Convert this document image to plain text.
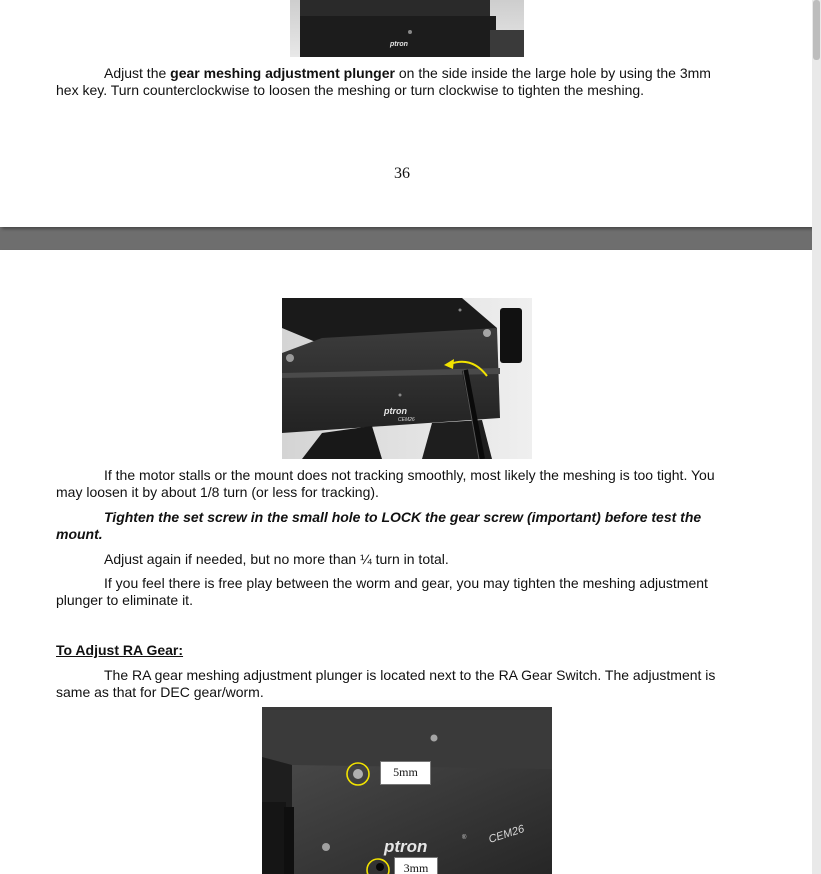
ptron

Adjust the gear meshing adjustment plunger on the side inside the large hole by using the 3mm
hex key. Turn counterclockwise to loosen the meshing or turn clockwise to tighten the meshing.

36
ptron
CEM26

If the motor stalls or the mount does not tracking smoothly, most likely the meshing is too tight. You
may loosen it by about 1/8 turn (or less for tracking).

Tighten the set screw in the small hole to LOCK the gear screw (important) before test the
mount.

Adjust again if needed, but no more than ¼ turn in total.

If you feel there is free play between the worm and gear, you may tighten the meshing adjustment
plunger to eliminate it.

To Adjust RA Gear:

The RA gear meshing adjustment plunger is located next to the RA Gear Switch. The adjustment is
same as that for DEC gear/worm.

ptron	® CEM26
5mm
3mm
